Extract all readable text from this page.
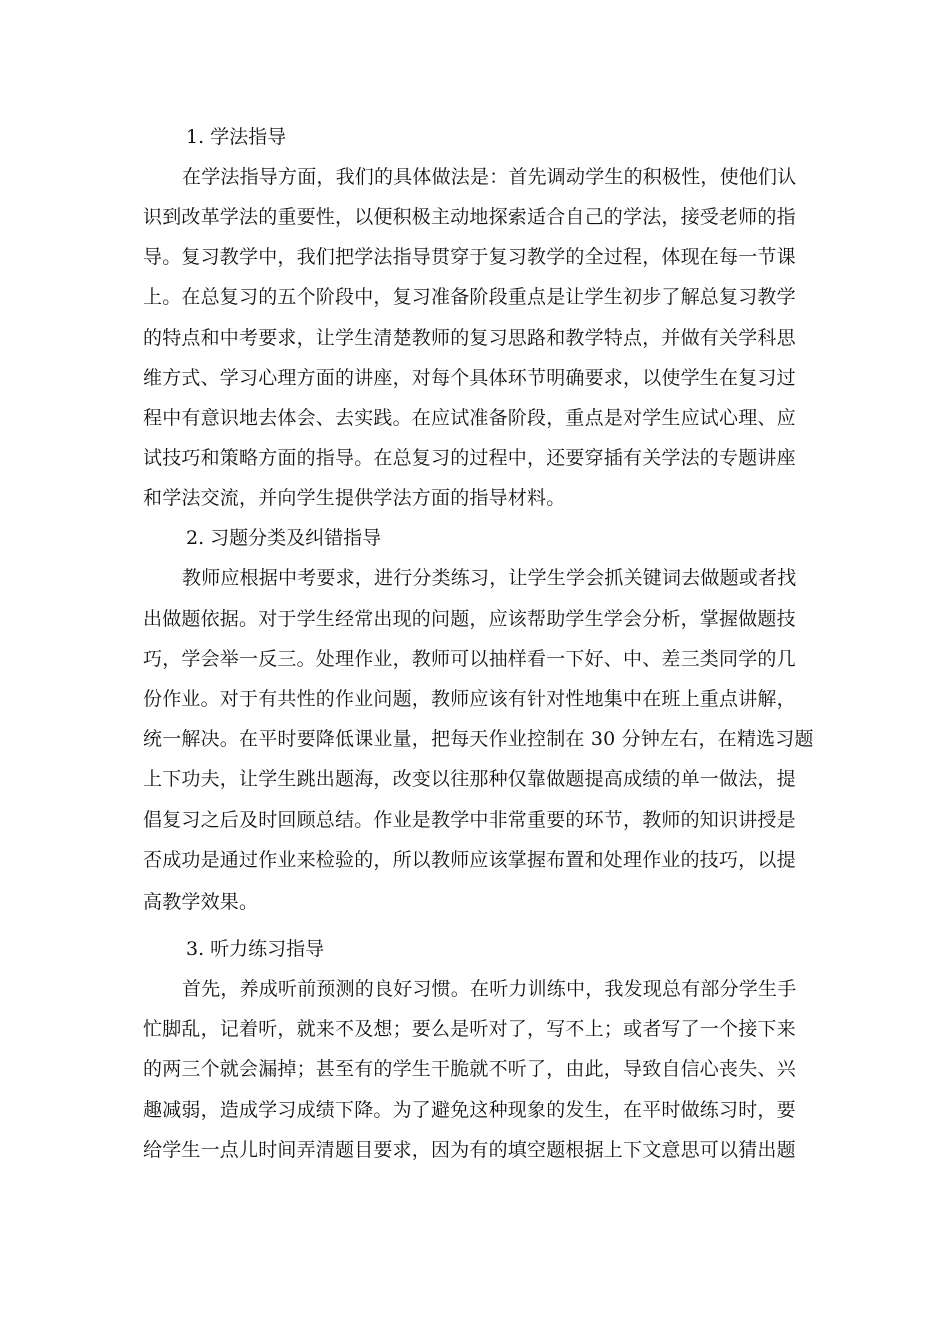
1. 学法指导
在学法指导方面，我们的具体做法是：首先调动学生的积极性，使他们认
识到改革学法的重要性，以便积极主动地探索适合自己的学法，接受老师的指
导。复习教学中，我们把学法指导贯穿于复习教学的全过程，体现在每一节课
上。在总复习的五个阶段中，复习准备阶段重点是让学生初步了解总复习教学
的特点和中考要求，让学生清楚教师的复习思路和教学特点，并做有关学科思
维方式、学习心理方面的讲座，对每个具体环节明确要求，以使学生在复习过
程中有意识地去体会、去实践。在应试准备阶段，重点是对学生应试心理、应
试技巧和策略方面的指导。在总复习的过程中，还要穿插有关学法的专题讲座
和学法交流，并向学生提供学法方面的指导材料。
2. 习题分类及纠错指导
教师应根据中考要求，进行分类练习，让学生学会抓关键词去做题或者找
出做题依据。对于学生经常出现的问题，应该帮助学生学会分析，掌握做题技
巧，学会举一反三。处理作业，教师可以抽样看一下好、中、差三类同学的几
份作业。对于有共性的作业问题，教师应该有针对性地集中在班上重点讲解，
统一解决。在平时要降低课业量，把每天作业控制在 30 分钟左右，在精选习题
上下功夫，让学生跳出题海，改变以往那种仅靠做题提高成绩的单一做法，提
倡复习之后及时回顾总结。作业是教学中非常重要的环节，教师的知识讲授是
否成功是通过作业来检验的，所以教师应该掌握布置和处理作业的技巧，以提
高教学效果。
3. 听力练习指导
首先，养成听前预测的良好习惯。在听力训练中，我发现总有部分学生手
忙脚乱，记着听，就来不及想；要么是听对了，写不上；或者写了一个接下来
的两三个就会漏掉；甚至有的学生干脆就不听了，由此，导致自信心丧失、兴
趣减弱，造成学习成绩下降。为了避免这种现象的发生，在平时做练习时，要
给学生一点儿时间弄清题目要求，因为有的填空题根据上下文意思可以猜出题
